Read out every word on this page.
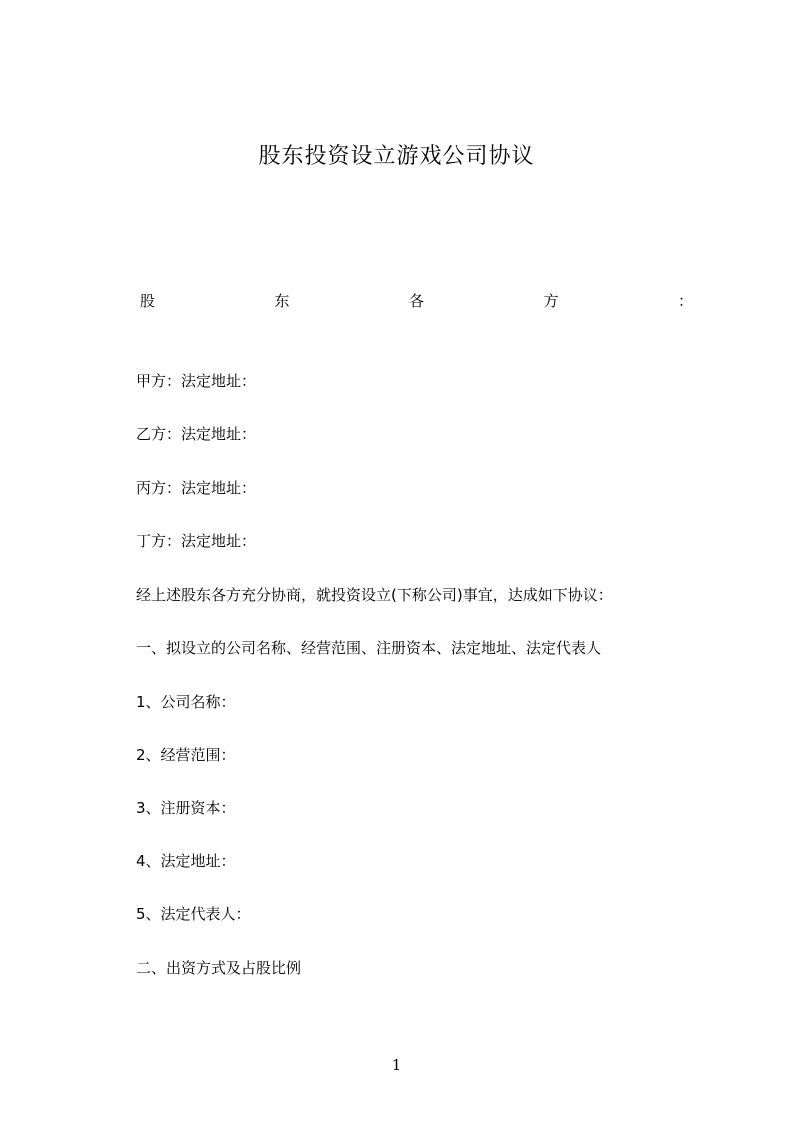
股东投资设立游戏公司协议
股	东	各	方	：
甲方：法定地址：
乙方：法定地址：
丙方：法定地址：
丁方：法定地址：
经上述股东各方充分协商，就投资设立(下称公司)事宜，达成如下协议：
一、拟设立的公司名称、经营范围、注册资本、法定地址、法定代表人
1、公司名称：
2、经营范围：
3、注册资本：
4、法定地址：
5、法定代表人：
二、出资方式及占股比例
1
